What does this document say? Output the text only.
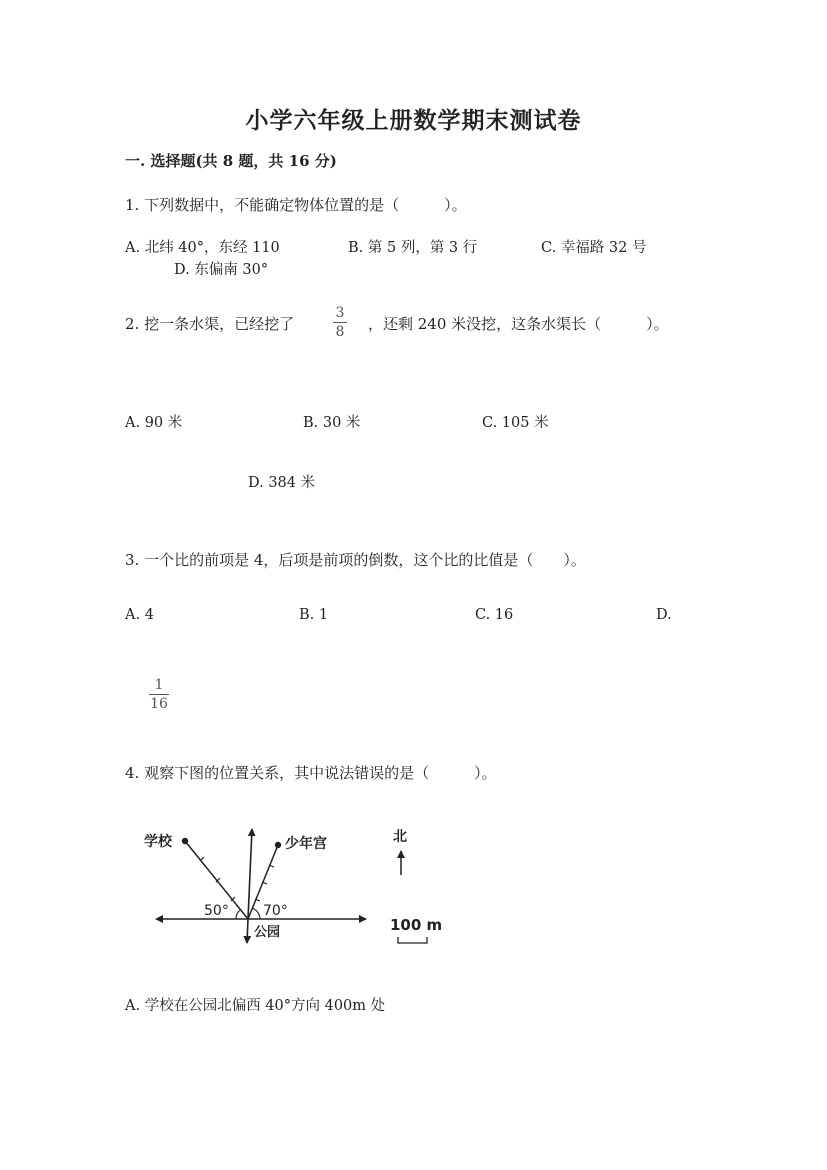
小学六年级上册数学期末测试卷
一. 选择题(共 8 题，共 16 分)
1. 下列数据中，不能确定物体位置的是（　　　）。
A. 北纬 40°，东经 110	B. 第 5 列，第 3 行	C. 幸福路 32 号
D. 东偏南 30°
2. 挖一条水渠，已经挖了
3
8 ，还剩 240 米没挖，这条水渠长（　　　）。
A. 90 米	B. 30 米	C. 105 米
D. 384 米
3. 一个比的前项是 4，后项是前项的倒数，这个比的比值是（　　）。
A. 4	B. 1	C. 16	D.
1
16
4. 观察下图的位置关系，其中说法错误的是（　　　）。
学校	少年宫
50° 70°
公园
北
100 m
A. 学校在公园北偏西 40°方向 400m 处
